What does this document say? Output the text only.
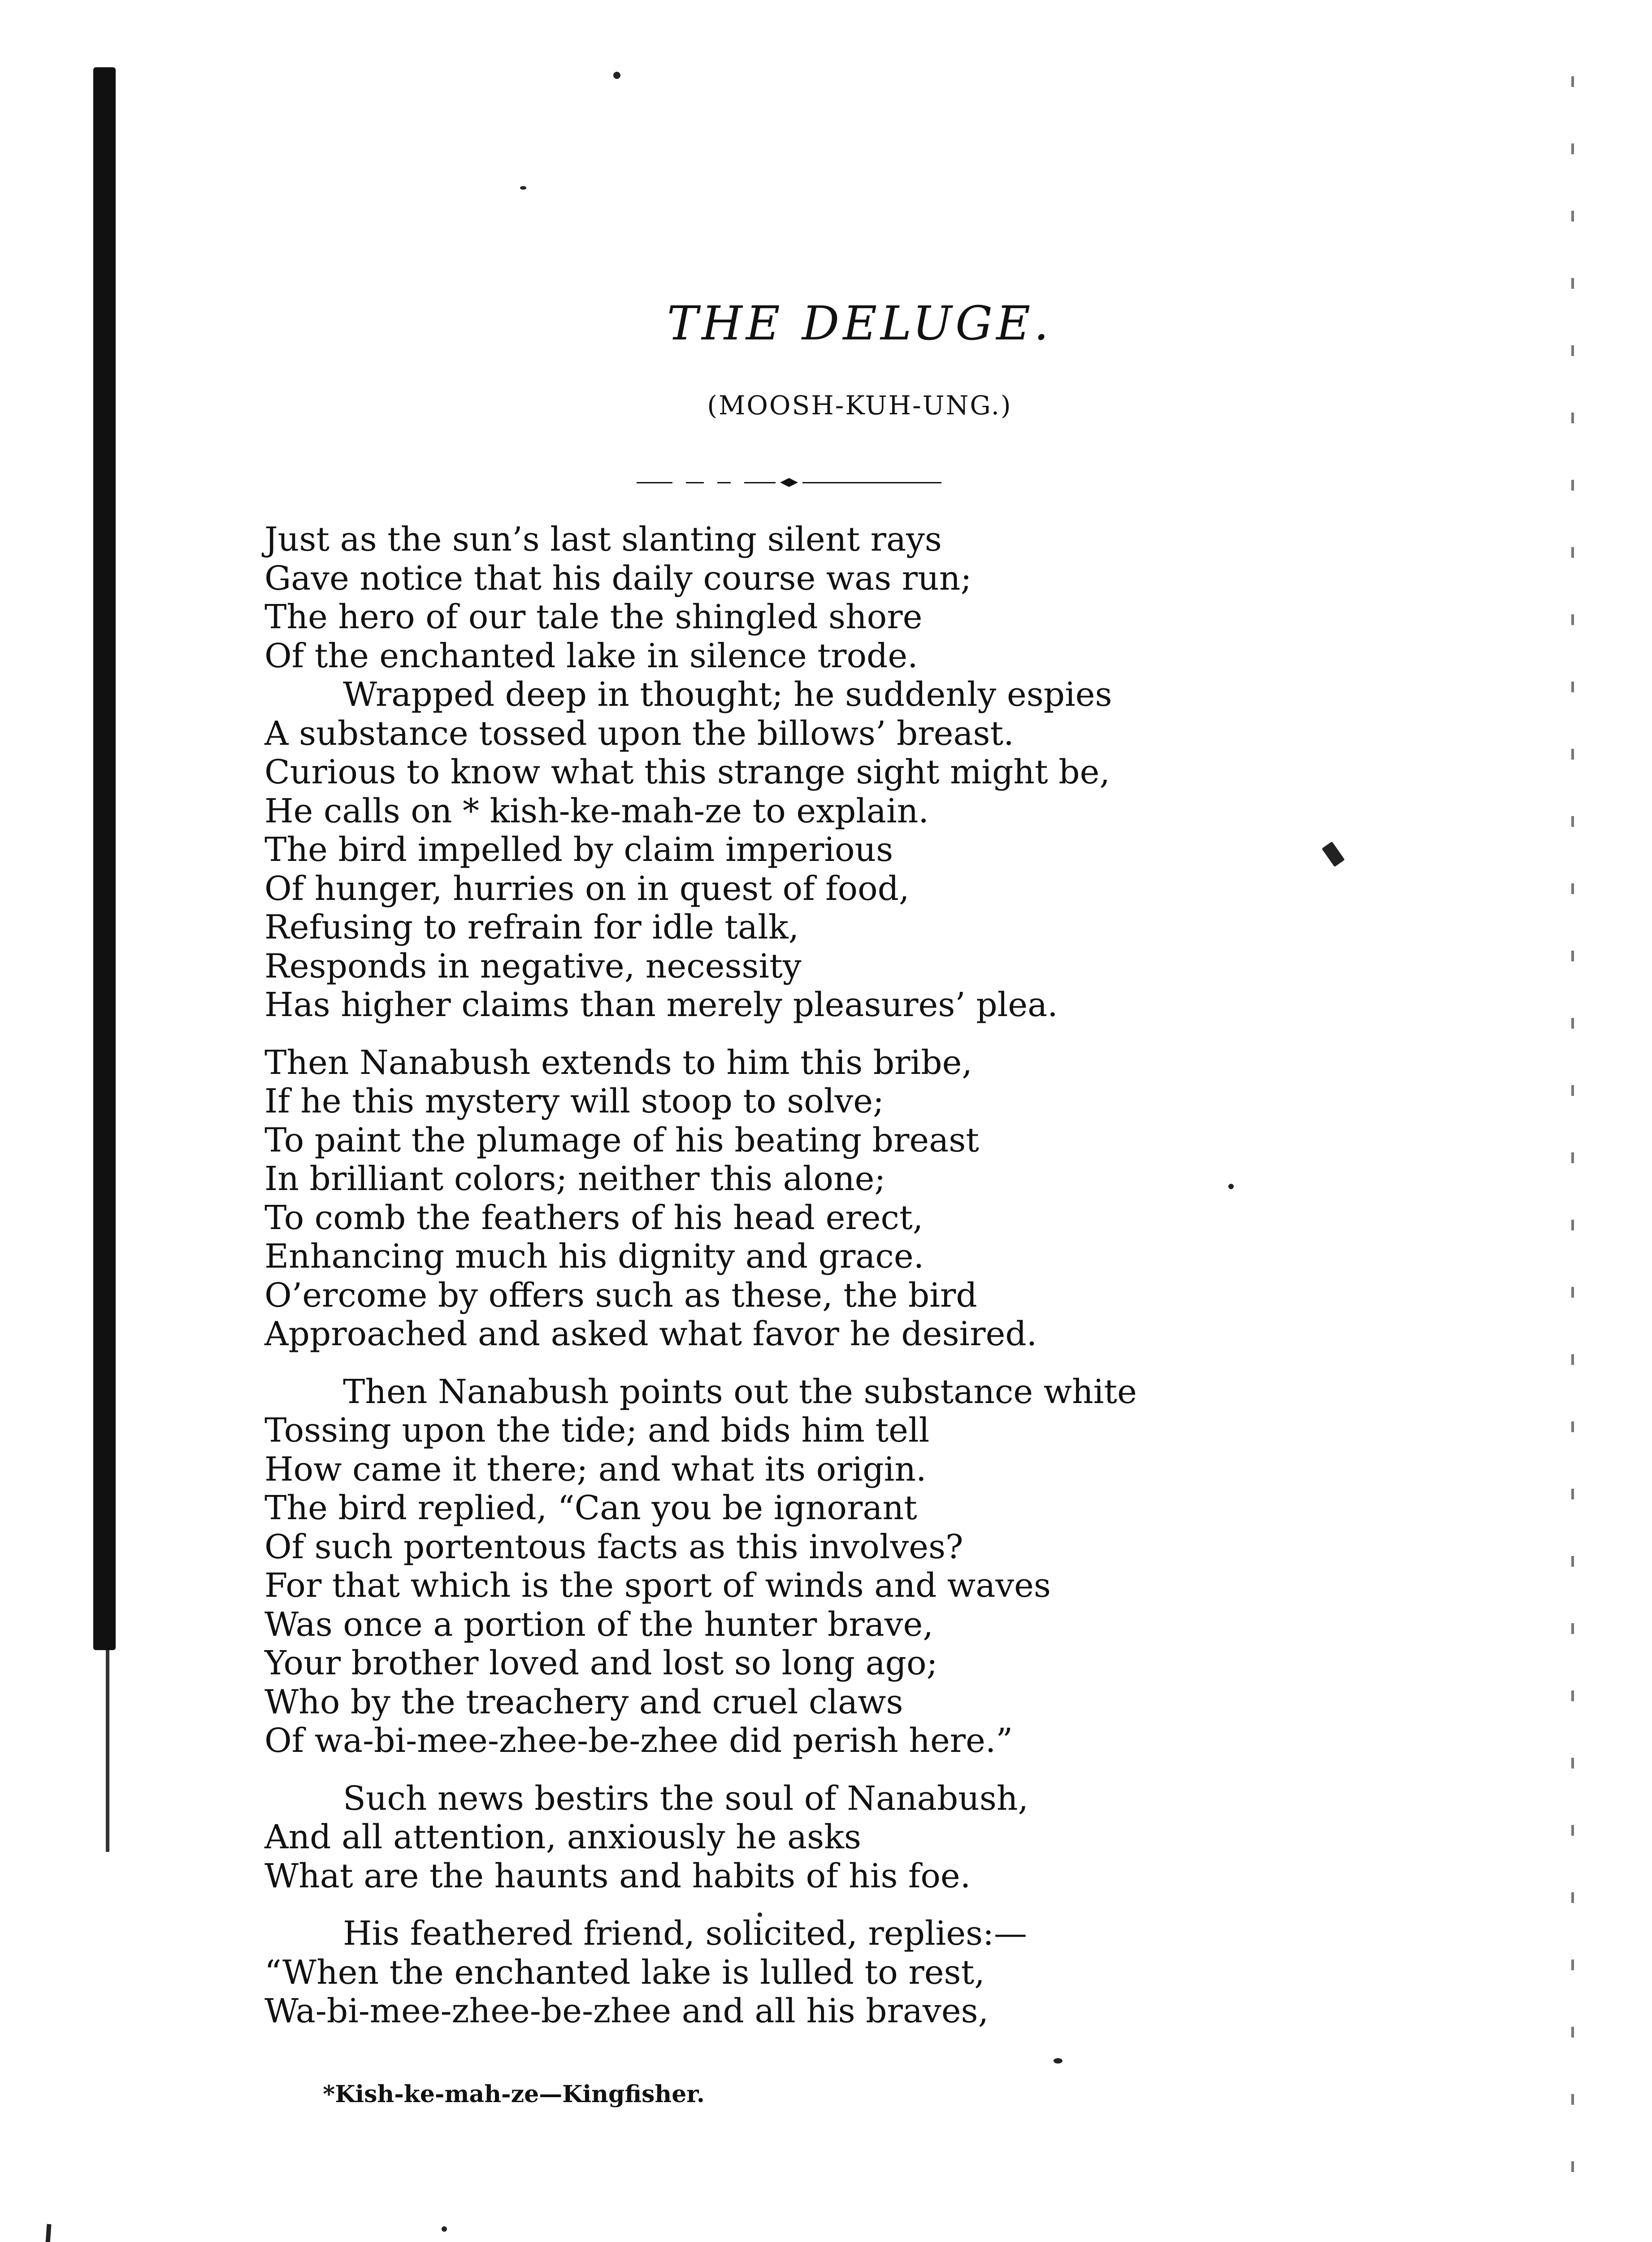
THE DELUGE.
(MOOSH-KUH-UNG.)
Just as the sun’s last slanting silent rays
Gave notice that his daily course was run;
The hero of our tale the shingled shore
Of the enchanted lake in silence trode.
Wrapped deep in thought; he suddenly espies
A substance tossed upon the billows’ breast.
Curious to know what this strange sight might be,
He calls on * kish-ke-mah-ze to explain.
The bird impelled by claim imperious
Of hunger, hurries on in quest of food,
Refusing to refrain for idle talk,
Responds in negative, necessity
Has higher claims than merely pleasures’ plea.
Then Nanabush extends to him this bribe,
If he this mystery will stoop to solve;
To paint the plumage of his beating breast
In brilliant colors; neither this alone;
To comb the feathers of his head erect,
Enhancing much his dignity and grace.
O’ercome by offers such as these, the bird
Approached and asked what favor he desired.
Then Nanabush points out the substance white
Tossing upon the tide; and bids him tell
How came it there; and what its origin.
The bird replied, “Can you be ignorant
Of such portentous facts as this involves?
For that which is the sport of winds and waves
Was once a portion of the hunter brave,
Your brother loved and lost so long ago;
Who by the treachery and cruel claws
Of wa-bi-mee-zhee-be-zhee did perish here.”
Such news bestirs the soul of Nanabush,
And all attention, anxiously he asks
What are the haunts and habits of his foe.
His feathered friend, solicited, replies:—
“When the enchanted lake is lulled to rest,
Wa-bi-mee-zhee-be-zhee and all his braves,
*Kish-ke-mah-ze—Kingfisher.
